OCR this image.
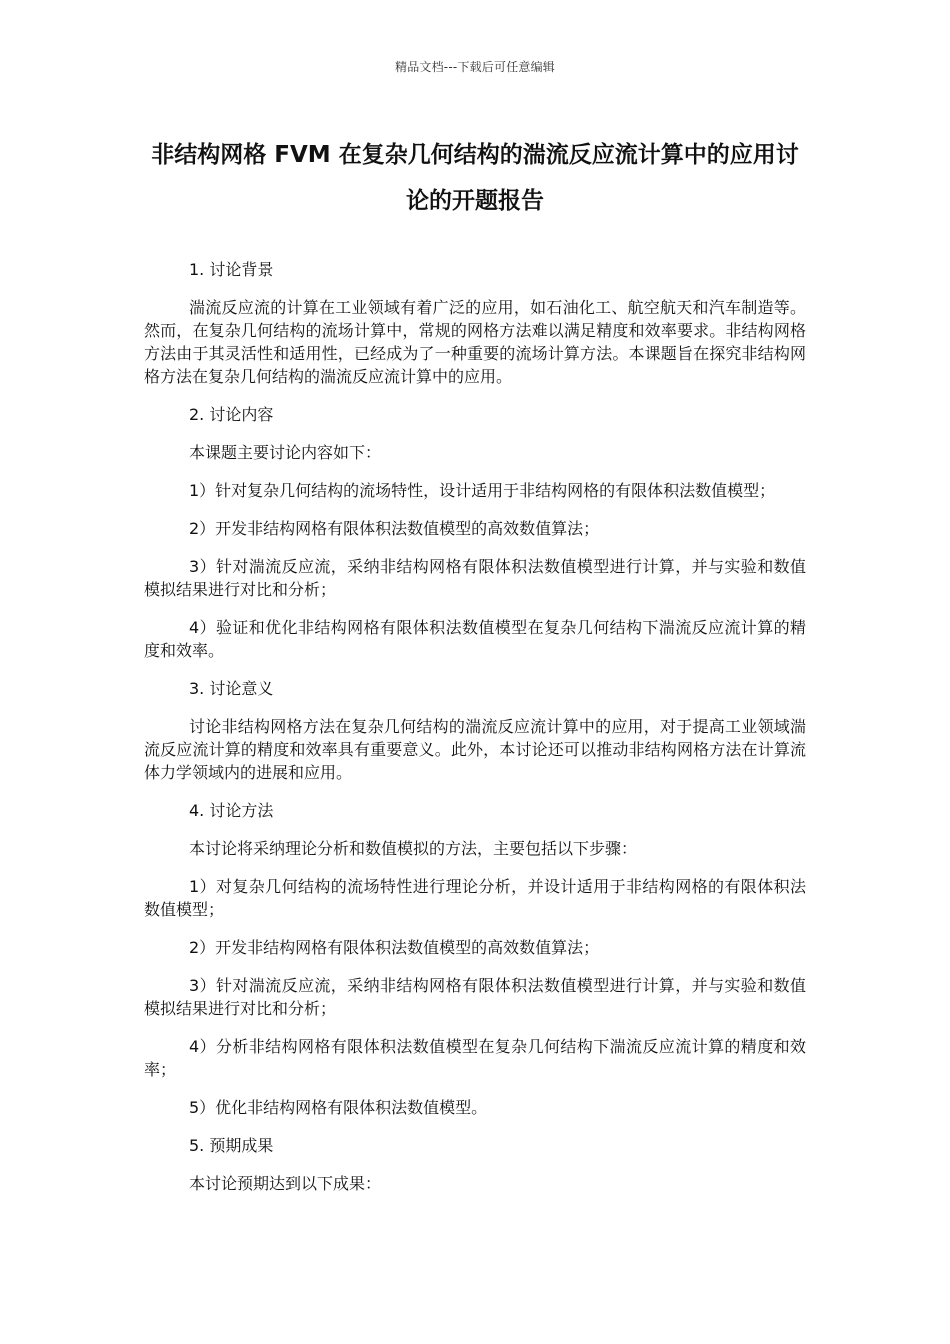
精品文档---下载后可任意编辑
非结构网格 FVM 在复杂几何结构的湍流反应流计算中的应用讨论的开题报告

1. 讨论背景

湍流反应流的计算在工业领域有着广泛的应用，如石油化工、航空航天和汽车制造等。然而，在复杂几何结构的流场计算中，常规的网格方法难以满足精度和效率要求。非结构网格方法由于其灵活性和适用性，已经成为了一种重要的流场计算方法。本课题旨在探究非结构网格方法在复杂几何结构的湍流反应流计算中的应用。

2. 讨论内容

本课题主要讨论内容如下：

1）针对复杂几何结构的流场特性，设计适用于非结构网格的有限体积法数值模型；

2）开发非结构网格有限体积法数值模型的高效数值算法；

3）针对湍流反应流，采纳非结构网格有限体积法数值模型进行计算，并与实验和数值模拟结果进行对比和分析；

4）验证和优化非结构网格有限体积法数值模型在复杂几何结构下湍流反应流计算的精度和效率。

3. 讨论意义

讨论非结构网格方法在复杂几何结构的湍流反应流计算中的应用，对于提高工业领域湍流反应流计算的精度和效率具有重要意义。此外，本讨论还可以推动非结构网格方法在计算流体力学领域内的进展和应用。

4. 讨论方法

本讨论将采纳理论分析和数值模拟的方法，主要包括以下步骤：

1）对复杂几何结构的流场特性进行理论分析，并设计适用于非结构网格的有限体积法数值模型；

2）开发非结构网格有限体积法数值模型的高效数值算法；

3）针对湍流反应流，采纳非结构网格有限体积法数值模型进行计算，并与实验和数值模拟结果进行对比和分析；

4）分析非结构网格有限体积法数值模型在复杂几何结构下湍流反应流计算的精度和效率；

5）优化非结构网格有限体积法数值模型。

5. 预期成果

本讨论预期达到以下成果：
